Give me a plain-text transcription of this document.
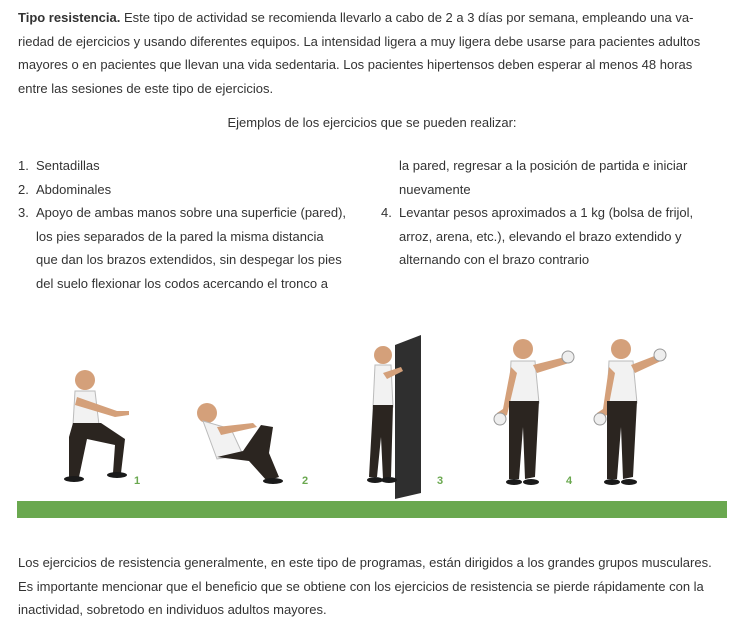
Tipo resistencia. Este tipo de actividad se recomienda llevarlo a cabo de 2 a 3 días por semana, empleando una va-
riedad de ejercicios y usando diferentes equipos. La intensidad ligera a muy ligera debe usarse para pacientes adultos
mayores o en pacientes que llevan una vida sedentaria. Los pacientes hipertensos deben esperar al menos 48 horas
entre las sesiones de este tipo de ejercicios.
Ejemplos de los ejercicios que se pueden realizar:
1. Sentadillas
2. Abdominales
3. Apoyo de ambas manos sobre una superficie (pared),
los pies separados de la pared la misma distancia
que dan los brazos extendidos, sin despegar los pies
del suelo flexionar los codos acercando el tronco a
la pared, regresar a la posición de partida e iniciar
nuevamente
4. Levantar pesos aproximados a 1 kg (bolsa de frijol,
arroz, arena, etc.), elevando el brazo extendido y
alternando con el brazo contrario
1	2	3	4
Los ejercicios de resistencia generalmente, en este tipo de programas, están dirigidos a los grandes grupos musculares.
Es importante mencionar que el beneficio que se obtiene con los ejercicios de resistencia se pierde rápidamente con la
inactividad, sobretodo en individuos adultos mayores.
